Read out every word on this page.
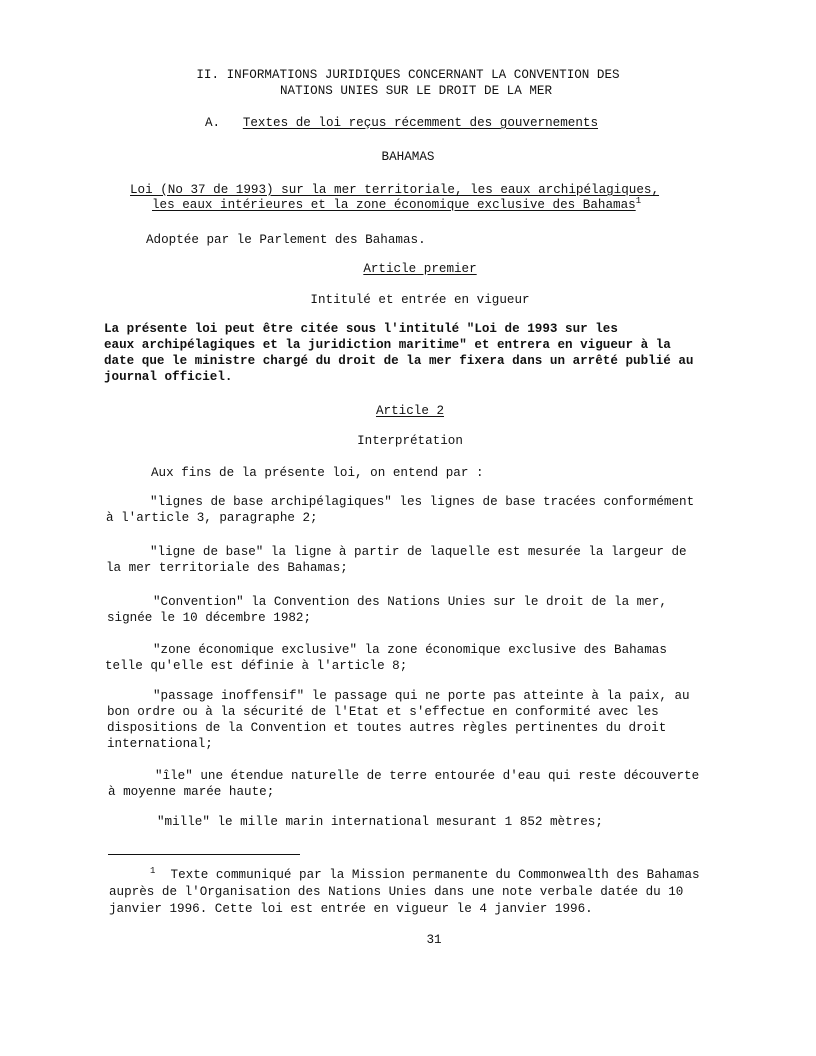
II. INFORMATIONS JURIDIQUES CONCERNANT LA CONVENTION DES
NATIONS UNIES SUR LE DROIT DE LA MER
A. Textes de loi reçus récemment des gouvernements
BAHAMAS
Loi (No 37 de 1993) sur la mer territoriale, les eaux archipélagiques,
les eaux intérieures et la zone économique exclusive des Bahamas$^1$
Adoptée par le Parlement des Bahamas.
Article premier
Intitulé et entrée en vigueur
La présente loi peut être citée sous l'intitulé "Loi de 1993 sur les
eaux archipélagiques et la juridiction maritime" et entrera en vigueur à la
date que le ministre chargé du droit de la mer fixera dans un arrêté publié au
journal officiel.
Article 2
Interprétation
Aux fins de la présente loi, on entend par :
"lignes de base archipélagiques" les lignes de base tracées conformément
à l'article 3, paragraphe 2;
"ligne de base" la ligne à partir de laquelle est mesurée la largeur de
la mer territoriale des Bahamas;
"Convention" la Convention des Nations Unies sur le droit de la mer,
signée le 10 décembre 1982;
"zone économique exclusive" la zone économique exclusive des Bahamas
telle qu'elle est définie à l'article 8;
"passage inoffensif" le passage qui ne porte pas atteinte à la paix, au
bon ordre ou à la sécurité de l'Etat et s'effectue en conformité avec les
dispositions de la Convention et toutes autres règles pertinentes du droit
international;
"île" une étendue naturelle de terre entourée d'eau qui reste découverte
à moyenne marée haute;
"mille" le mille marin international mesurant 1 852 mètres;
$^1$ Texte communiqué par la Mission permanente du Commonwealth des Bahamas
auprès de l'Organisation des Nations Unies dans une note verbale datée du 10
janvier 1996. Cette loi est entrée en vigueur le 4 janvier 1996.
31
